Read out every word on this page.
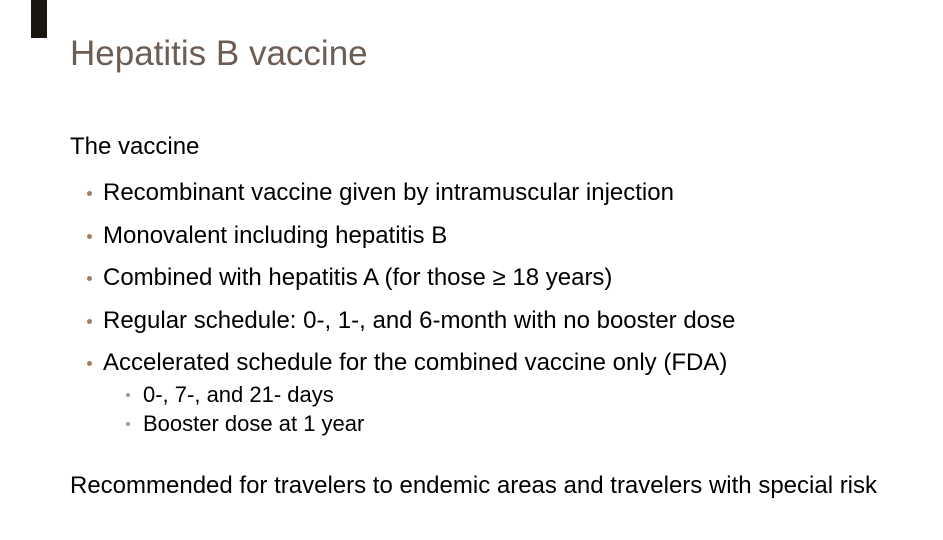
Hepatitis B vaccine
The vaccine
Recombinant vaccine given by intramuscular injection
Monovalent including hepatitis B
Combined with hepatitis A (for those ≥ 18 years)
Regular schedule: 0-, 1-, and 6-month with no booster dose
Accelerated schedule for the combined vaccine only (FDA)
0-, 7-, and 21- days
Booster dose at 1 year
Recommended for travelers to endemic areas and travelers with special risk
